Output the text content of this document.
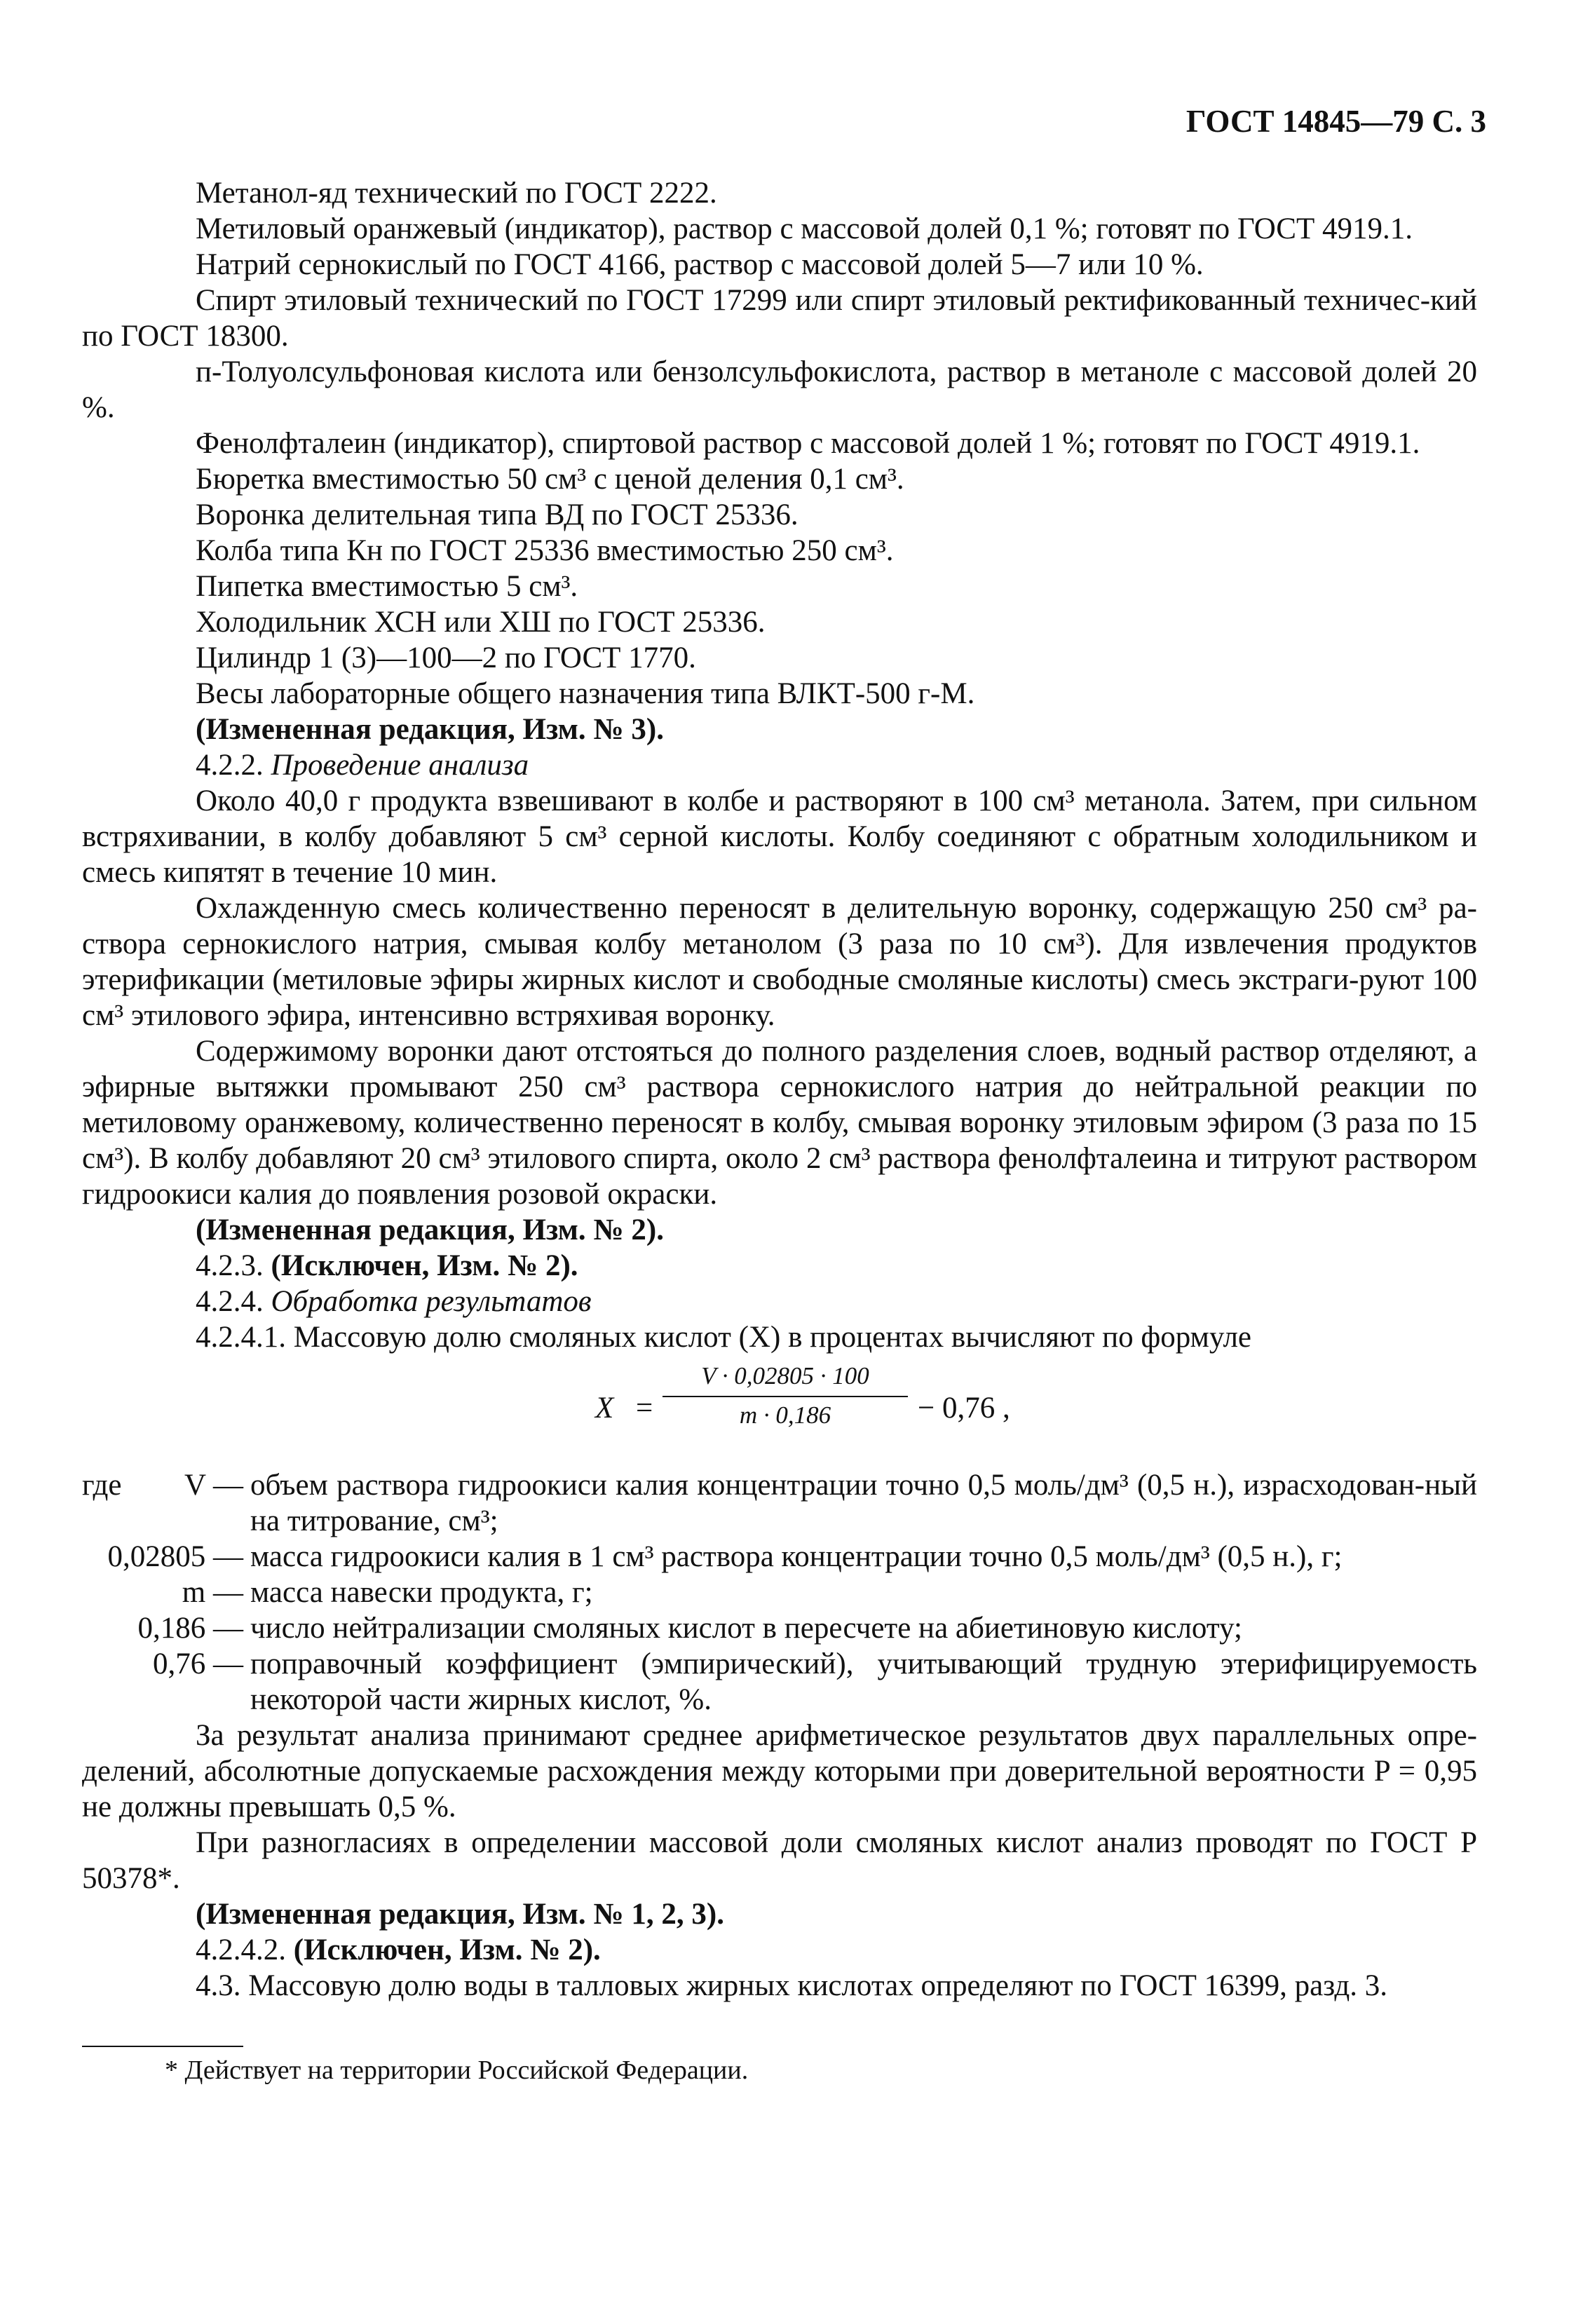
ГОСТ 14845—79 С. 3

Метанол-яд технический по ГОСТ 2222.

Метиловый оранжевый (индикатор), раствор с массовой долей 0,1 %; готовят по ГОСТ 4919.1.

Натрий сернокислый по ГОСТ 4166, раствор с массовой долей 5—7 или 10 %.

Спирт этиловый технический по ГОСТ 17299 или спирт этиловый ректификованный техничес-кий по ГОСТ 18300.

п-Толуолсульфоновая кислота или бензолсульфокислота, раствор в метаноле с массовой долей 20 %.

Фенолфталеин (индикатор), спиртовой раствор с массовой долей 1 %; готовят по ГОСТ 4919.1.

Бюретка вместимостью 50 см³ с ценой деления 0,1 см³.

Воронка делительная типа ВД по ГОСТ 25336.

Колба типа Кн по ГОСТ 25336 вместимостью 250 см³.

Пипетка вместимостью 5 см³.

Холодильник ХСН или ХШ по ГОСТ 25336.

Цилиндр 1 (3)—100—2 по ГОСТ 1770.

Весы лабораторные общего назначения типа ВЛКТ-500 г-М.

(Измененная редакция, Изм. № 3).

4.2.2. Проведение анализа

Около 40,0 г продукта взвешивают в колбе и растворяют в 100 см³ метанола. Затем, при сильном встряхивании, в колбу добавляют 5 см³ серной кислоты. Колбу соединяют с обратным холодильником и смесь кипятят в течение 10 мин.

Охлажденную смесь количественно переносят в делительную воронку, содержащую 250 см³ ра-створа сернокислого натрия, смывая колбу метанолом (3 раза по 10 см³). Для извлечения продуктов этерификации (метиловые эфиры жирных кислот и свободные смоляные кислоты) смесь экстраги-руют 100 см³ этилового эфира, интенсивно встряхивая воронку.

Содержимому воронки дают отстояться до полного разделения слоев, водный раствор отделяют, а эфирные вытяжки промывают 250 см³ раствора сернокислого натрия до нейтральной реакции по метиловому оранжевому, количественно переносят в колбу, смывая воронку этиловым эфиром (3 раза по 15 см³). В колбу добавляют 20 см³ этилового спирта, около 2 см³ раствора фенолфталеина и титруют раствором гидроокиси калия до появления розовой окраски.

(Измененная редакция, Изм. № 2).

4.2.3. (Исключен, Изм. № 2).

4.2.4. Обработка результатов

4.2.4.1. Массовую долю смоляных кислот (X) в процентах вычисляют по формуле

$X = \frac{V \cdot 0,02805 \cdot 100}{m \cdot 0,186} - 0,76$ ,
где	V — объем раствора гидроокиси калия концентрации точно 0,5 моль/дм³ (0,5 н.), израсходован-ный на титрование, см³;
0,02805 — масса гидроокиси калия в 1 см³ раствора концентрации точно 0,5 моль/дм³ (0,5 н.), г;
m — масса навески продукта, г;
0,186 — число нейтрализации смоляных кислот в пересчете на абиетиновую кислоту;
0,76 — поправочный коэффициент (эмпирический), учитывающий трудную этерифицируемость некоторой части жирных кислот, %.

За результат анализа принимают среднее арифметическое результатов двух параллельных опре-делений, абсолютные допускаемые расхождения между которыми при доверительной вероятности P = 0,95 не должны превышать 0,5 %.

При разногласиях в определении массовой доли смоляных кислот анализ проводят по ГОСТ Р 50378*.

(Измененная редакция, Изм. № 1, 2, 3).

4.2.4.2. (Исключен, Изм. № 2).

4.3. Массовую долю воды в талловых жирных кислотах определяют по ГОСТ 16399, разд. 3.

* Действует на территории Российской Федерации.
